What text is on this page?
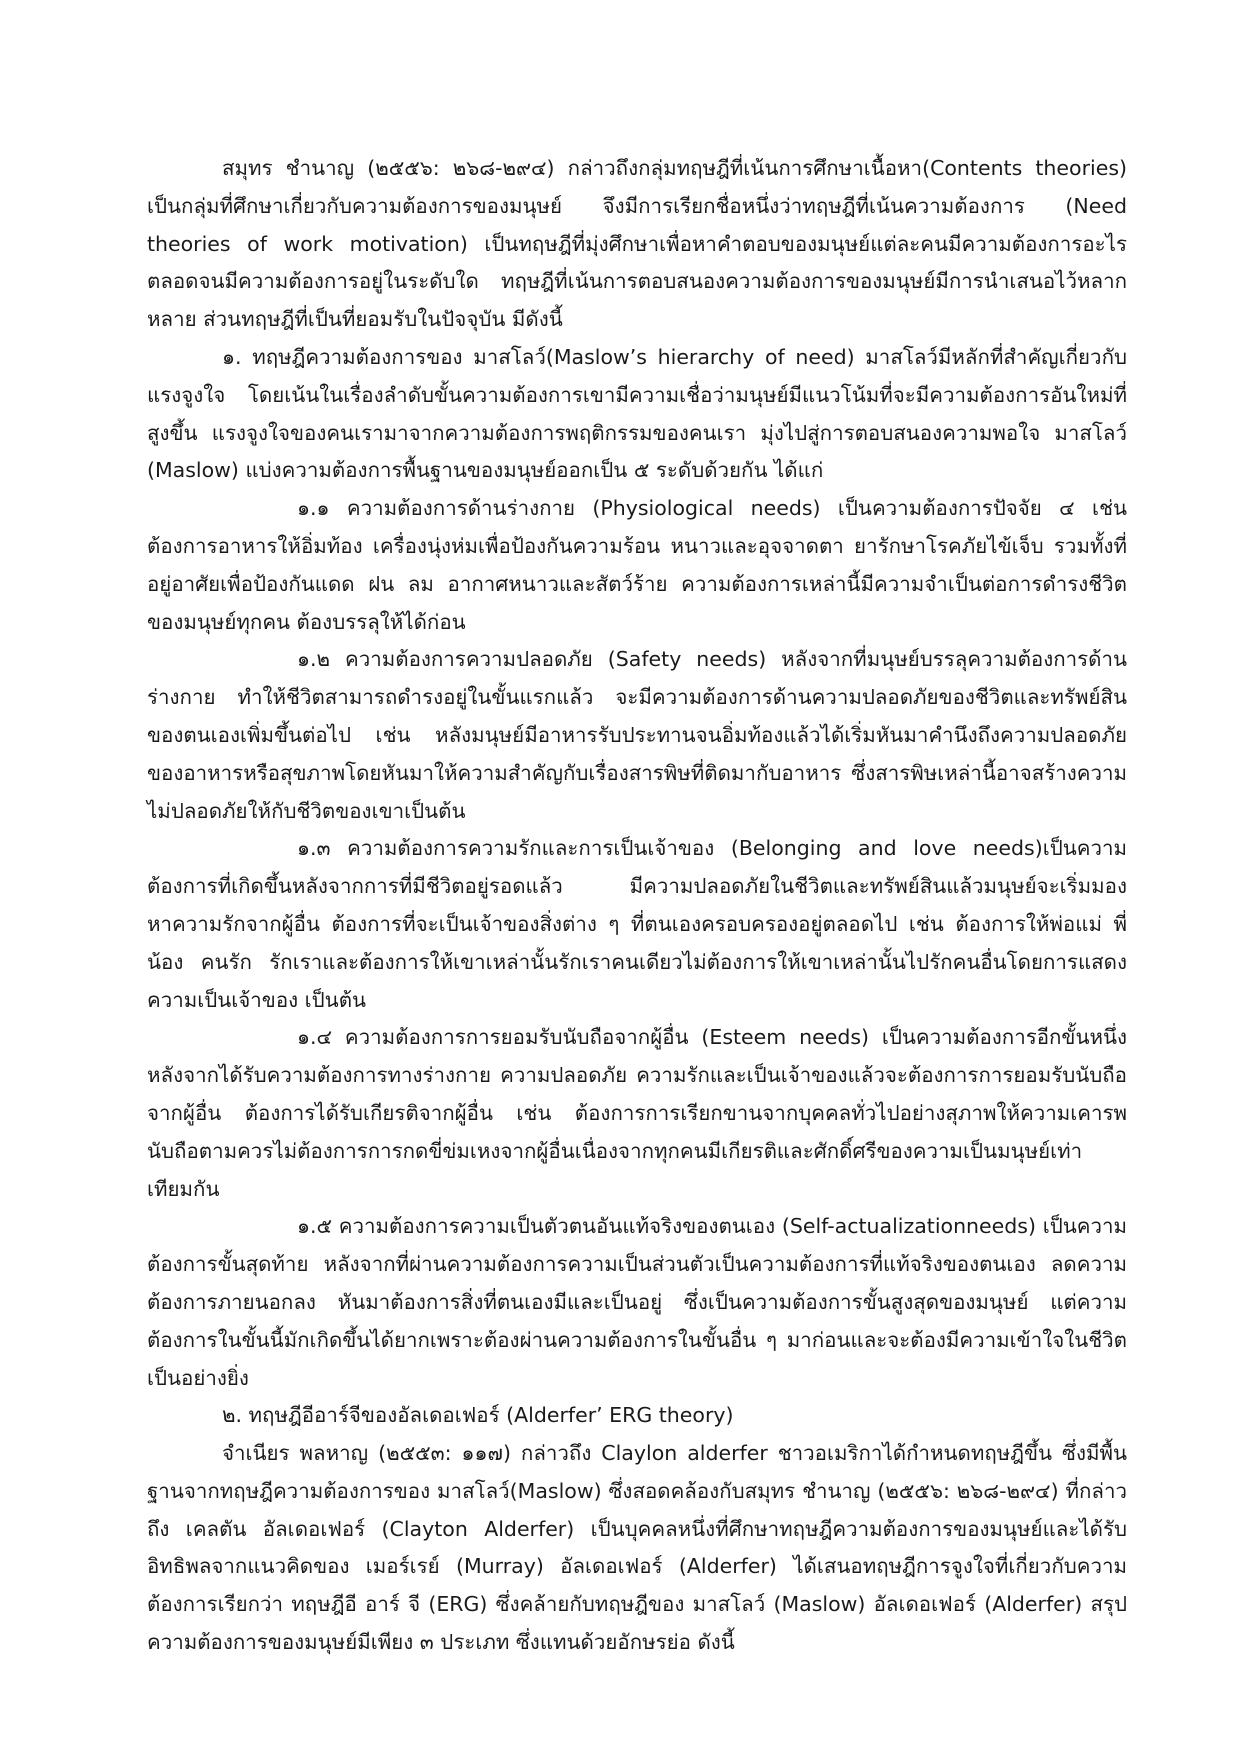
สมุทร ชำนาญ (๒๕๕๖: ๒๖๘-๒๙๔) กล่าวถึงกลุ่มทฤษฎีที่เน้นการศึกษาเนื้อหา(Contents theories) เป็นกลุ่มที่ศึกษาเกี่ยวกับความต้องการของมนุษย์ จึงมีการเรียกชื่อหนึ่งว่าทฤษฎีที่เน้นความต้องการ (Need theories of work motivation) เป็นทฤษฎีที่มุ่งศึกษาเพื่อหาคำตอบของมนุษย์แต่ละคนมีความต้องการอะไร ตลอดจนมีความต้องการอยู่ในระดับใด ทฤษฎีที่เน้นการตอบสนองความต้องการของมนุษย์มีการนำเสนอไว้หลากหลาย ส่วนทฤษฎีที่เป็นที่ยอมรับในปัจจุบัน มีดังนี้

๑. ทฤษฎีความต้องการของ มาสโลว์(Maslow’s hierarchy of need) มาสโลว์มีหลักที่สำคัญเกี่ยวกับแรงจูงใจ โดยเน้นในเรื่องลำดับขั้นความต้องการเขามีความเชื่อว่ามนุษย์มีแนวโน้มที่จะมีความต้องการอันใหม่ที่สูงขึ้น แรงจูงใจของคนเรามาจากความต้องการพฤติกรรมของคนเรา มุ่งไปสู่การตอบสนองความพอใจ มาสโลว์ (Maslow) แบ่งความต้องการพื้นฐานของมนุษย์ออกเป็น ๕ ระดับด้วยกัน ได้แก่

๑.๑ ความต้องการด้านร่างกาย (Physiological needs) เป็นความต้องการปัจจัย ๔ เช่น ต้องการอาหารให้อิ่มท้อง เครื่องนุ่งห่มเพื่อป้องกันความร้อน หนาวและอุจจาดตา ยารักษาโรคภัยไข้เจ็บ รวมทั้งที่อยู่อาศัยเพื่อป้องกันแดด ฝน ลม อากาศหนาวและสัตว์ร้าย ความต้องการเหล่านี้มีความจำเป็นต่อการดำรงชีวิตของมนุษย์ทุกคน ต้องบรรลุให้ได้ก่อน

๑.๒ ความต้องการความปลอดภัย (Safety needs) หลังจากที่มนุษย์บรรลุความต้องการด้านร่างกาย ทำให้ชีวิตสามารถดำรงอยู่ในขั้นแรกแล้ว จะมีความต้องการด้านความปลอดภัยของชีวิตและทรัพย์สินของตนเองเพิ่มขึ้นต่อไป เช่น หลังมนุษย์มีอาหารรับประทานจนอิ่มท้องแล้วได้เริ่มหันมาคำนึงถึงความปลอดภัยของอาหารหรือสุขภาพโดยหันมาให้ความสำคัญกับเรื่องสารพิษที่ติดมากับอาหาร ซึ่งสารพิษเหล่านี้อาจสร้างความไม่ปลอดภัยให้กับชีวิตของเขาเป็นต้น

๑.๓ ความต้องการความรักและการเป็นเจ้าของ (Belonging and love needs)เป็นความต้องการที่เกิดขึ้นหลังจากการที่มีชีวิตอยู่รอดแล้ว มีความปลอดภัยในชีวิตและทรัพย์สินแล้วมนุษย์จะเริ่มมองหาความรักจากผู้อื่น ต้องการที่จะเป็นเจ้าของสิ่งต่าง ๆ ที่ตนเองครอบครองอยู่ตลอดไป เช่น ต้องการให้พ่อแม่ พี่น้อง คนรัก รักเราและต้องการให้เขาเหล่านั้นรักเราคนเดียวไม่ต้องการให้เขาเหล่านั้นไปรักคนอื่นโดยการแสดงความเป็นเจ้าของ เป็นต้น

๑.๔ ความต้องการการยอมรับนับถือจากผู้อื่น (Esteem needs) เป็นความต้องการอีกขั้นหนึ่งหลังจากได้รับความต้องการทางร่างกาย ความปลอดภัย ความรักและเป็นเจ้าของแล้วจะต้องการการยอมรับนับถือจากผู้อื่น ต้องการได้รับเกียรติจากผู้อื่น เช่น ต้องการการเรียกขานจากบุคคลทั่วไปอย่างสุภาพให้ความเคารพนับถือตามควรไม่ต้องการการกดขี่ข่มเหงจากผู้อื่นเนื่องจากทุกคนมีเกียรติและศักดิ์ศรีของความเป็นมนุษย์เท่าเทียมกัน

๑.๕ ความต้องการความเป็นตัวตนอันแท้จริงของตนเอง (Self-actualizationneeds) เป็นความต้องการขั้นสุดท้าย หลังจากที่ผ่านความต้องการความเป็นส่วนตัวเป็นความต้องการที่แท้จริงของตนเอง ลดความต้องการภายนอกลง หันมาต้องการสิ่งที่ตนเองมีและเป็นอยู่ ซึ่งเป็นความต้องการขั้นสูงสุดของมนุษย์ แต่ความต้องการในขั้นนี้มักเกิดขึ้นได้ยากเพราะต้องผ่านความต้องการในขั้นอื่น ๆ มาก่อนและจะต้องมีความเข้าใจในชีวิตเป็นอย่างยิ่ง

๒. ทฤษฎีอีอาร์จีของอัลเดอเฟอร์ (Alderfer’ ERG theory)

จำเนียร พลหาญ (๒๕๕๓: ๑๑๗) กล่าวถึง Claylon alderfer ชาวอเมริกาได้กำหนดทฤษฎีขึ้น ซึ่งมีพื้นฐานจากทฤษฎีความต้องการของ มาสโลว์(Maslow) ซึ่งสอดคล้องกับสมุทร ชำนาญ (๒๕๕๖: ๒๖๘-๒๙๔) ที่กล่าวถึง เคลตัน อัลเดอเฟอร์ (Clayton Alderfer) เป็นบุคคลหนึ่งที่ศึกษาทฤษฎีความต้องการของมนุษย์และได้รับอิทธิพลจากแนวคิดของ เมอร์เรย์ (Murray) อัลเดอเฟอร์ (Alderfer) ได้เสนอทฤษฎีการจูงใจที่เกี่ยวกับความต้องการเรียกว่า ทฤษฎีอี อาร์ จี (ERG) ซึ่งคล้ายกับทฤษฎีของ มาสโลว์ (Maslow) อัลเดอเฟอร์ (Alderfer) สรุปความต้องการของมนุษย์มีเพียง ๓ ประเภท ซึ่งแทนด้วยอักษรย่อ ดังนี้
